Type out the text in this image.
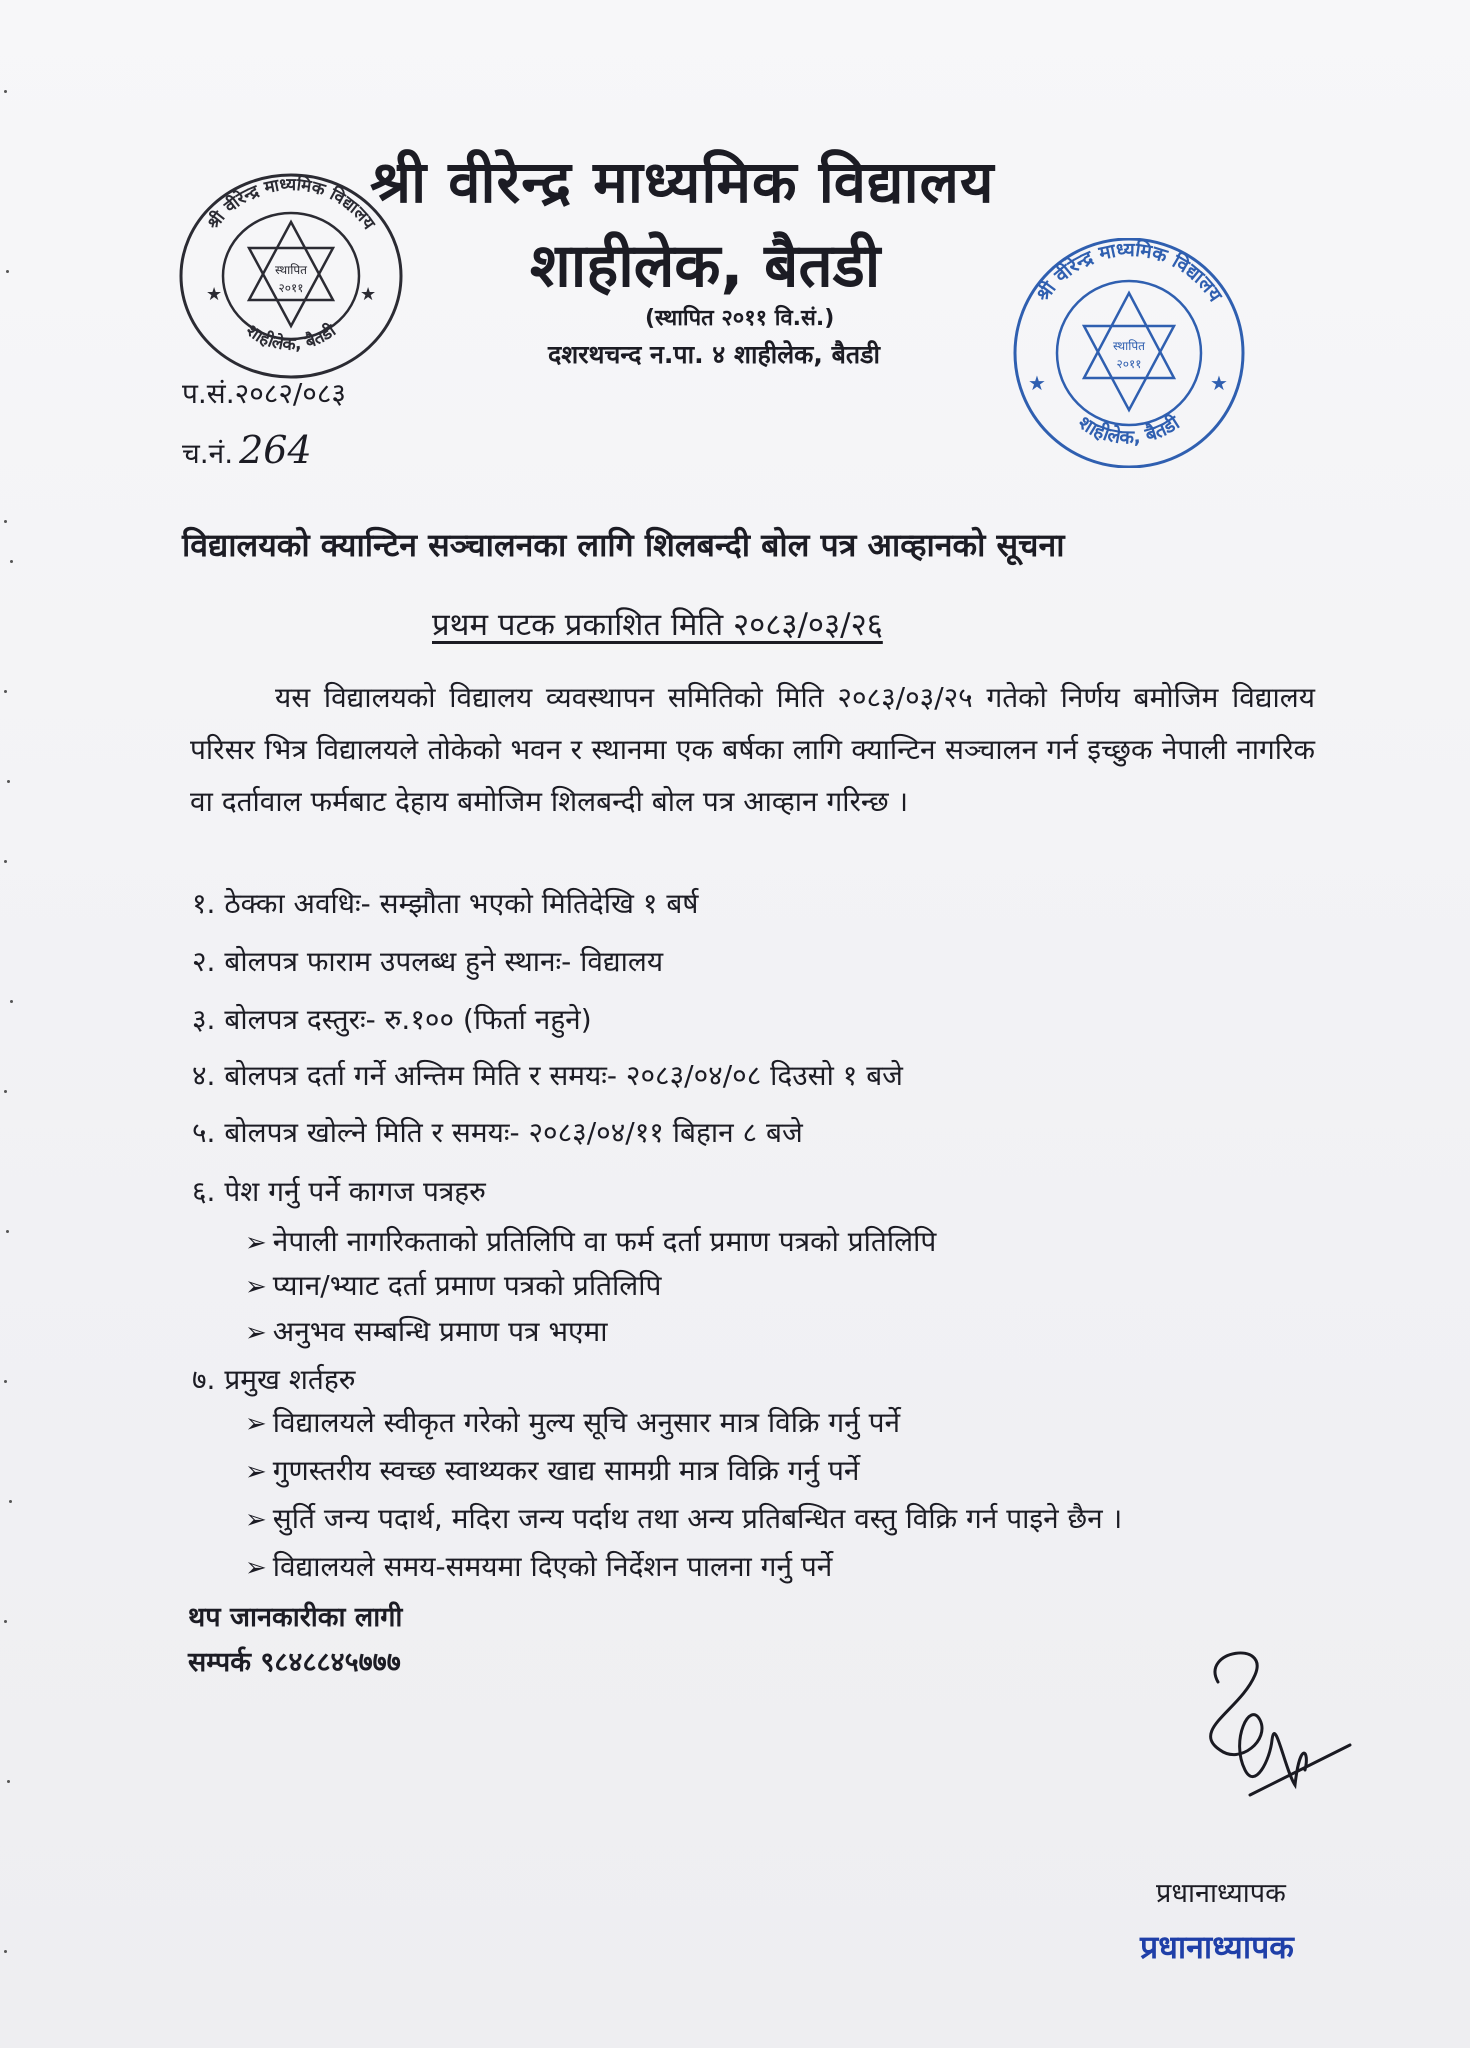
श्री वीरेन्द्र माध्यमिक विद्यालय
शाहीलेक, बैतडी
स्थापित
२०११
★	★	श्री वीरेन्द्र माध्यमिक विद्यालय
शाहीलेक, बैतडी
स्थापित
२०११
★	★
श्री वीरेन्द्र माध्यमिक विद्यालय
शाहीलेक, बैतडी
(स्थापित २०११ वि.सं.)
दशरथचन्द न.पा. ४ शाहीलेक, बैतडी
प.सं.२०८२/०८३
च.नं. 264
विद्यालयको क्यान्टिन सञ्चालनका लागि शिलबन्दी बोल पत्र आव्हानको सूचना
प्रथम पटक प्रकाशित मिति २०८३/०३/२६
यस विद्यालयको विद्यालय व्यवस्थापन समितिको मिति २०८३/०३/२५ गतेको निर्णय बमोजिम विद्यालय परिसर भित्र विद्यालयले तोकेको भवन र स्थानमा एक बर्षका लागि क्यान्टिन सञ्चालन गर्न इच्छुक नेपाली नागरिक वा दर्तावाल फर्मबाट देहाय बमोजिम शिलबन्दी बोल पत्र आव्हान गरिन्छ ।
१. ठेक्का अवधिः- सम्झौता भएको मितिदेखि १ बर्ष
२. बोलपत्र फाराम उपलब्ध हुने स्थानः- विद्यालय
३. बोलपत्र दस्तुरः- रु.१०० (फिर्ता नहुने)
४. बोलपत्र दर्ता गर्ने अन्तिम मिति र समयः- २०८३/०४/०८ दिउसो १ बजे
५. बोलपत्र खोल्ने मिति र समयः- २०८३/०४/११ बिहान ८ बजे
६. पेश गर्नु पर्ने कागज पत्रहरु
➢ नेपाली नागरिकताको प्रतिलिपि वा फर्म दर्ता प्रमाण पत्रको प्रतिलिपि
➢ प्यान/भ्याट दर्ता प्रमाण पत्रको प्रतिलिपि
➢ अनुभव सम्बन्धि प्रमाण पत्र भएमा
७. प्रमुख शर्तहरु
➢ विद्यालयले स्वीकृत गरेको मुल्य सूचि अनुसार मात्र विक्रि गर्नु पर्ने
➢ गुणस्तरीय स्वच्छ स्वाथ्यकर खाद्य सामग्री मात्र विक्रि गर्नु पर्ने
➢ सुर्ति जन्य पदार्थ, मदिरा जन्य पर्दाथ तथा अन्य प्रतिबन्धित वस्तु विक्रि गर्न पाइने छैन ।
➢ विद्यालयले समय-समयमा दिएको निर्देशन पालना गर्नु पर्ने
थप जानकारीका लागी
सम्पर्क ९८४८८४५७७७
प्रधानाध्यापक
प्रधानाध्यापक
